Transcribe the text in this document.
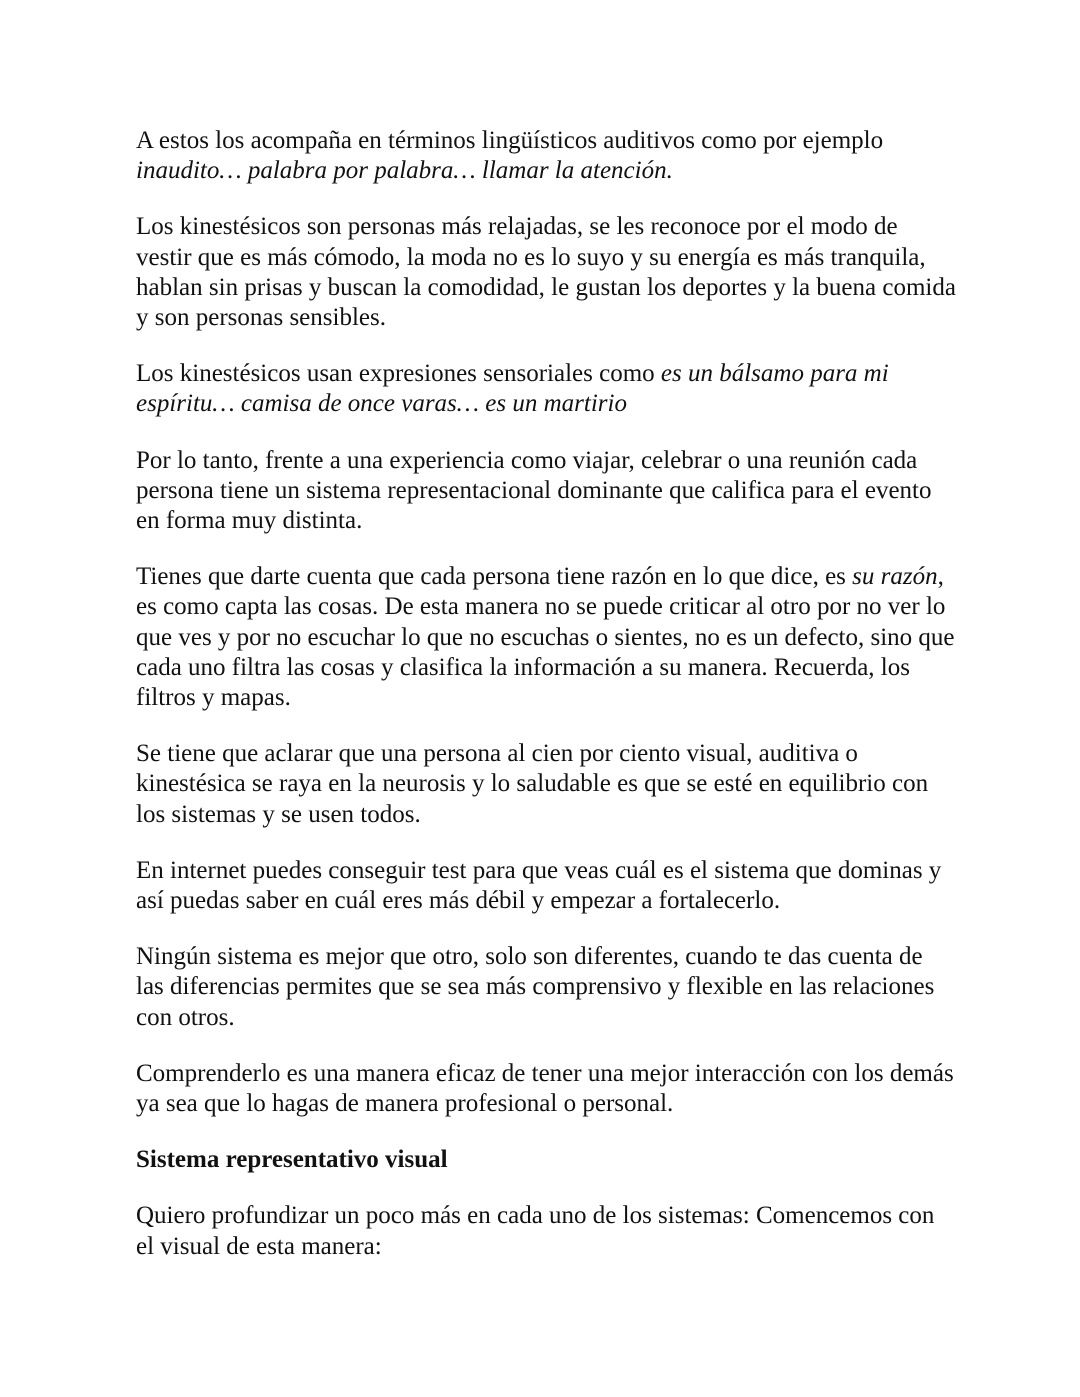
A estos los acompaña en términos lingüísticos auditivos como por ejemplo inaudito… palabra por palabra… llamar la atención.

Los kinestésicos son personas más relajadas, se les reconoce por el modo de vestir que es más cómodo, la moda no es lo suyo y su energía es más tranquila, hablan sin prisas y buscan la comodidad, le gustan los deportes y la buena comida y son personas sensibles.

Los kinestésicos usan expresiones sensoriales como es un bálsamo para mi espíritu… camisa de once varas… es un martirio

Por lo tanto, frente a una experiencia como viajar, celebrar o una reunión cada persona tiene un sistema representacional dominante que califica para el evento en forma muy distinta.

Tienes que darte cuenta que cada persona tiene razón en lo que dice, es su razón, es como capta las cosas. De esta manera no se puede criticar al otro por no ver lo que ves y por no escuchar lo que no escuchas o sientes, no es un defecto, sino que cada uno filtra las cosas y clasifica la información a su manera. Recuerda, los filtros y mapas.

Se tiene que aclarar que una persona al cien por ciento visual, auditiva o kinestésica se raya en la neurosis y lo saludable es que se esté en equilibrio con los sistemas y se usen todos.

En internet puedes conseguir test para que veas cuál es el sistema que dominas y así puedas saber en cuál eres más débil y empezar a fortalecerlo.

Ningún sistema es mejor que otro, solo son diferentes, cuando te das cuenta de las diferencias permites que se sea más comprensivo y flexible en las relaciones con otros.

Comprenderlo es una manera eficaz de tener una mejor interacción con los demás ya sea que lo hagas de manera profesional o personal.

Sistema representativo visual

Quiero profundizar un poco más en cada uno de los sistemas: Comencemos con el visual de esta manera:
